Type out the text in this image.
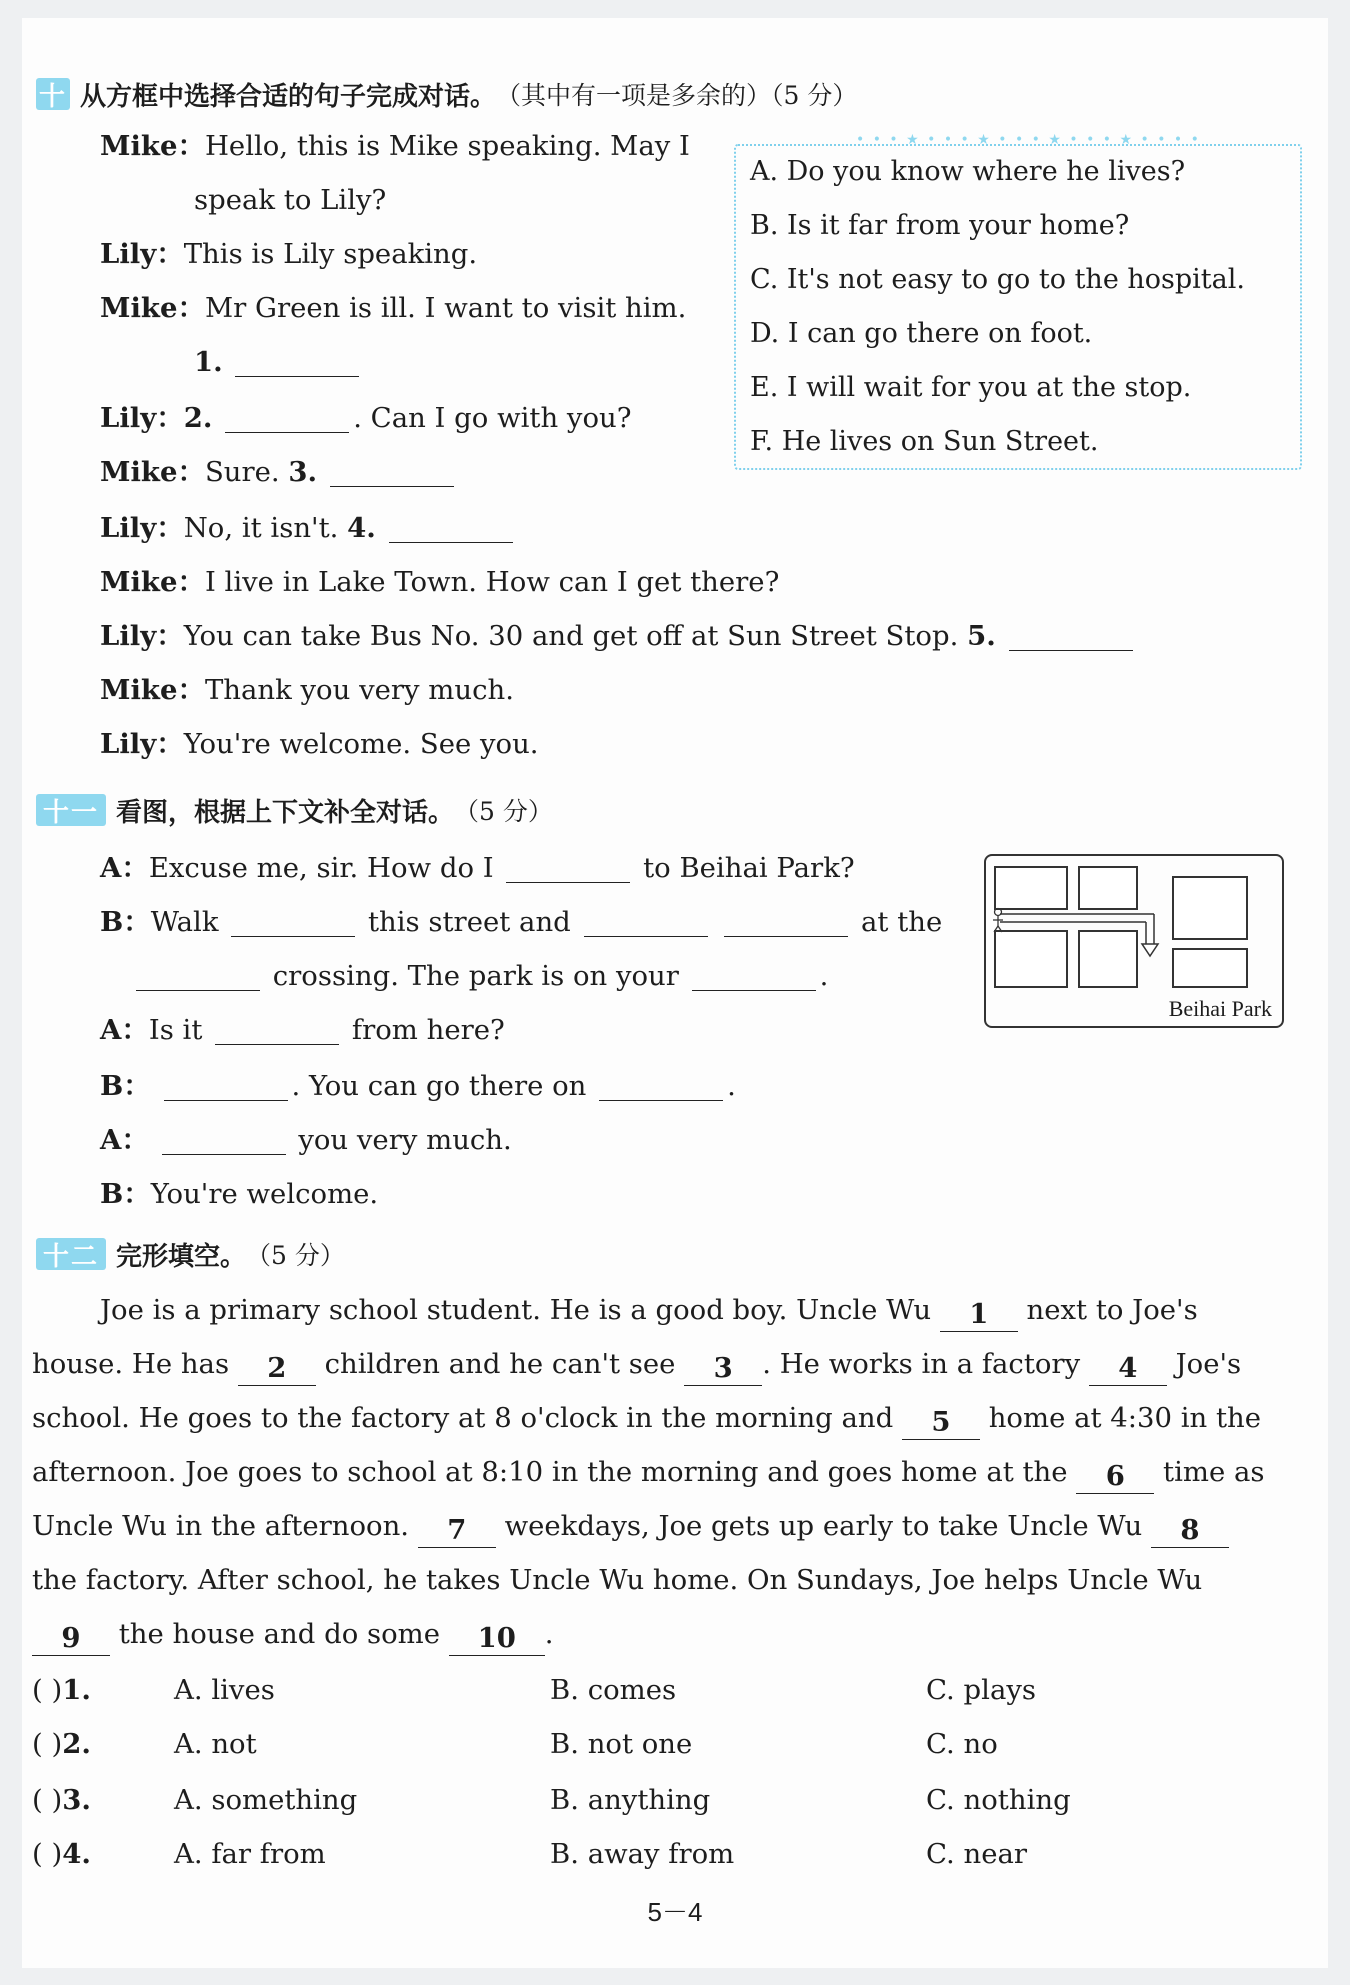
十 从方框中选择合适的句子完成对话。 （其中有一项是多余的）（5 分）
Mike：Hello, this is Mike speaking. May I
speak to Lily?
Lily：This is Lily speaking.
Mike：Mr Green is ill. I want to visit him.
1.
Lily：2.	. Can I go with you?
Mike：Sure. 3.
Lily：No, it isn't. 4.
Mike：I live in Lake Town. How can I get there?
Lily：You can take Bus No. 30 and get off at Sun Street Stop. 5.
Mike：Thank you very much.
Lily：You're welcome. See you.
• • • ★ • • • ★ • • • ★ • • • ★ • • • •
A. Do you know where he lives?
B. Is it far from your home?
C. It's not easy to go to the hospital.
D. I can go there on foot.
E. I will wait for you at the stop.
F. He lives on Sun Street.
十一 看图，根据上下文补全对话。 （5 分）
A：Excuse me, sir. How do I	to Beihai Park?
B：Walk	this street and	at the
crossing. The park is on your	.
A：Is it	from here?
B：	. You can go there on	.
A：	you very much.
B：You're welcome.
Beihai Park
十二 完形填空。 （5 分）
Joe is a primary school student. He is a good boy. Uncle Wu 1 next to Joe's
house. He has 2 children and he can't see 3 . He works in a factory 4 Joe's
school. He goes to the factory at 8 o'clock in the morning and 5 home at 4:30 in the
afternoon. Joe goes to school at 8:10 in the morning and goes home at the 6 time as
Uncle Wu in the afternoon. 7 weekdays, Joe gets up early to take Uncle Wu 8
the factory. After school, he takes Uncle Wu home. On Sundays, Joe helps Uncle Wu
9 the house and do some 10 .
( )1.	A. lives	B. comes	C. plays
( )2.	A. not	B. not one	C. no
( )3.	A. something	B. anything	C. nothing
( )4.	A. far from	B. away from	C. near
5－4
